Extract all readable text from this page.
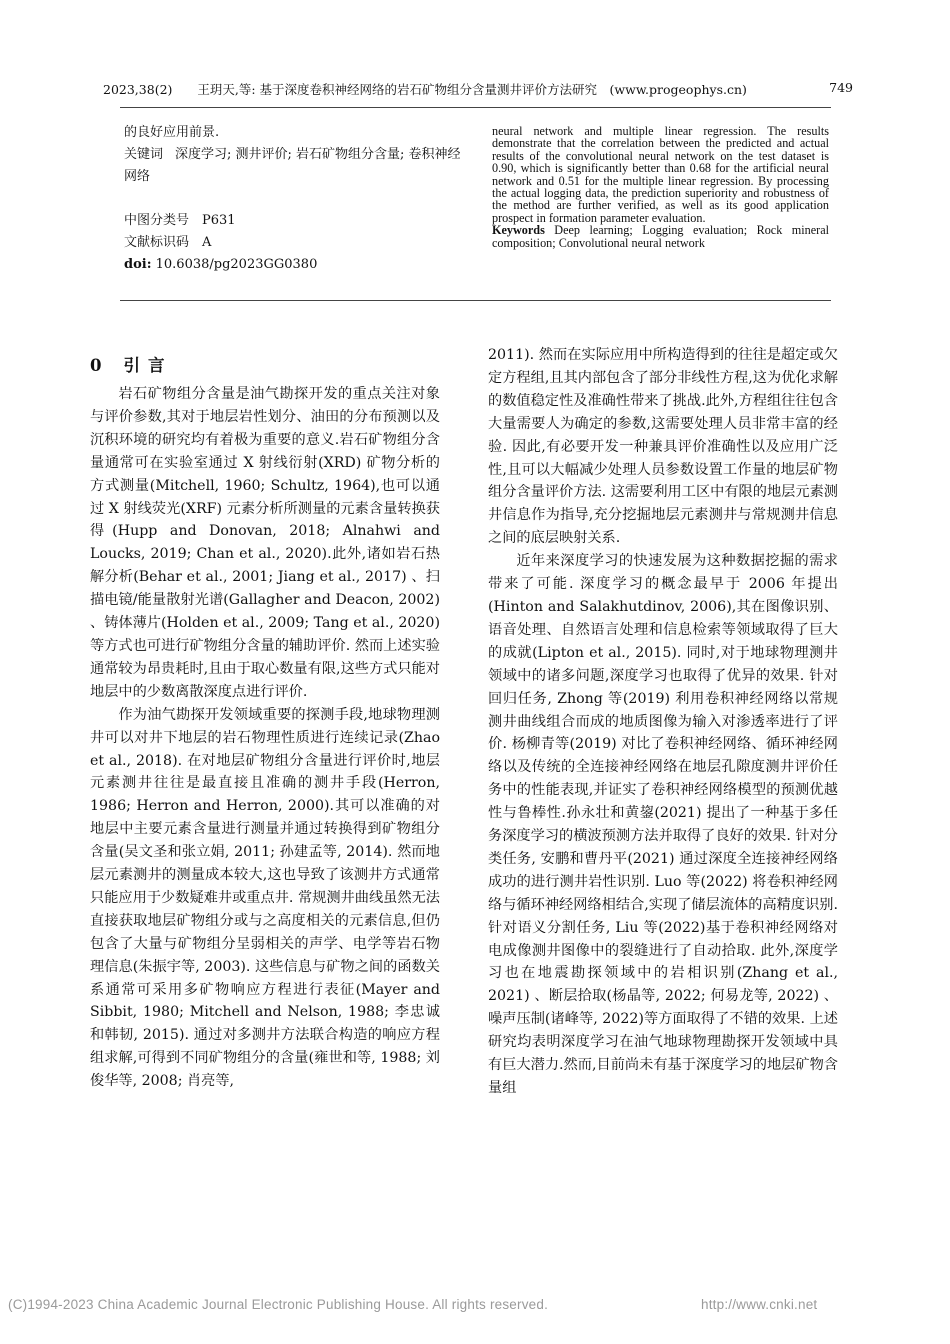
2023,38(2)　　王玥天,等: 基于深度卷积神经网络的岩石矿物组分含量测井评价方法研究　(www.progeophys.cn)	749

的良好应用前景.

关键词 深度学习; 测井评价; 岩石矿物组分含量; 卷积神经网络

中图分类号　P631

文献标识码　A

doi: 10.6038/pg2023GG0380

neural network and multiple linear regression. The results demonstrate that the correlation between the predicted and actual results of the convolutional neural network on the test dataset is 0.90, which is significantly better than 0.68 for the artificial neural network and 0.51 for the multiple linear regression. By processing the actual logging data, the prediction superiority and robustness of the method are further verified, as well as its good application prospect in formation parameter evaluation.

Keywords Deep learning; Logging evaluation; Rock mineral composition; Convolutional neural network

0 引言

岩石矿物组分含量是油气勘探开发的重点关注对象与评价参数,其对于地层岩性划分、油田的分布预测以及沉积环境的研究均有着极为重要的意义.岩石矿物组分含量通常可在实验室通过 X 射线衍射(XRD) 矿物分析的方式测量(Mitchell, 1960; Schultz, 1964),也可以通过 X 射线荧光(XRF) 元素分析所测量的元素含量转换获得(Hupp and Donovan, 2018; Alnahwi and Loucks, 2019; Chan et al., 2020).此外,诸如岩石热解分析(Behar et al., 2001; Jiang et al., 2017) 、扫描电镜/能量散射光谱(Gallagher and Deacon, 2002) 、铸体薄片(Holden et al., 2009; Tang et al., 2020) 等方式也可进行矿物组分含量的辅助评价. 然而上述实验通常较为昂贵耗时,且由于取心数量有限,这些方式只能对地层中的少数离散深度点进行评价.

作为油气勘探开发领域重要的探测手段,地球物理测井可以对井下地层的岩石物理性质进行连续记录(Zhao et al., 2018). 在对地层矿物组分含量进行评价时,地层元素测井往往是最直接且准确的测井手段(Herron, 1986; Herron and Herron, 2000).其可以准确的对地层中主要元素含量进行测量并通过转换得到矿物组分含量(吴文圣和张立娟, 2011; 孙建孟等, 2014). 然而地层元素测井的测量成本较大,这也导致了该测井方式通常只能应用于少数疑难井或重点井. 常规测井曲线虽然无法直接获取地层矿物组分或与之高度相关的元素信息,但仍包含了大量与矿物组分呈弱相关的声学、电学等岩石物理信息(朱振宇等, 2003). 这些信息与矿物之间的函数关系通常可采用多矿物响应方程进行表征(Mayer and Sibbit, 1980; Mitchell and Nelson, 1988; 李忠诚和韩韧, 2015). 通过对多测井方法联合构造的响应方程组求解,可得到不同矿物组分的含量(雍世和等, 1988; 刘俊华等, 2008; 肖亮等,

2011). 然而在实际应用中所构造得到的往往是超定或欠定方程组,且其内部包含了部分非线性方程,这为优化求解的数值稳定性及准确性带来了挑战.此外,方程组往往包含大量需要人为确定的参数,这需要处理人员非常丰富的经验. 因此,有必要开发一种兼具评价准确性以及应用广泛性,且可以大幅减少处理人员参数设置工作量的地层矿物组分含量评价方法. 这需要利用工区中有限的地层元素测井信息作为指导,充分挖掘地层元素测井与常规测井信息之间的底层映射关系.

近年来深度学习的快速发展为这种数据挖掘的需求带来了可能. 深度学习的概念最早于 2006 年提出(Hinton and Salakhutdinov, 2006),其在图像识别、语音处理、自然语言处理和信息检索等领域取得了巨大的成就(Lipton et al., 2015). 同时,对于地球物理测井领域中的诸多问题,深度学习也取得了优异的效果. 针对回归任务, Zhong 等(2019) 利用卷积神经网络以常规测井曲线组合而成的地质图像为输入对渗透率进行了评价. 杨柳青等(2019) 对比了卷积神经网络、循环神经网络以及传统的全连接神经网络在地层孔隙度测井评价任务中的性能表现,并证实了卷积神经网络模型的预测优越性与鲁棒性.孙永壮和黄鋆(2021) 提出了一种基于多任务深度学习的横波预测方法并取得了良好的效果. 针对分类任务, 安鹏和曹丹平(2021) 通过深度全连接神经网络成功的进行测井岩性识别. Luo 等(2022) 将卷积神经网络与循环神经网络相结合,实现了储层流体的高精度识别. 针对语义分割任务, Liu 等(2022)基于卷积神经网络对电成像测井图像中的裂缝进行了自动拾取. 此外,深度学习也在地震勘探领域中的岩相识别(Zhang et al., 2021) 、断层拾取(杨晶等, 2022; 何易龙等, 2022) 、噪声压制(诸峰等, 2022)等方面取得了不错的效果. 上述研究均表明深度学习在油气地球物理勘探开发领域中具有巨大潜力.然而,目前尚未有基于深度学习的地层矿物含量组

(C)1994-2023 China Academic Journal Electronic Publishing House. All rights reserved.	http://www.cnki.net
